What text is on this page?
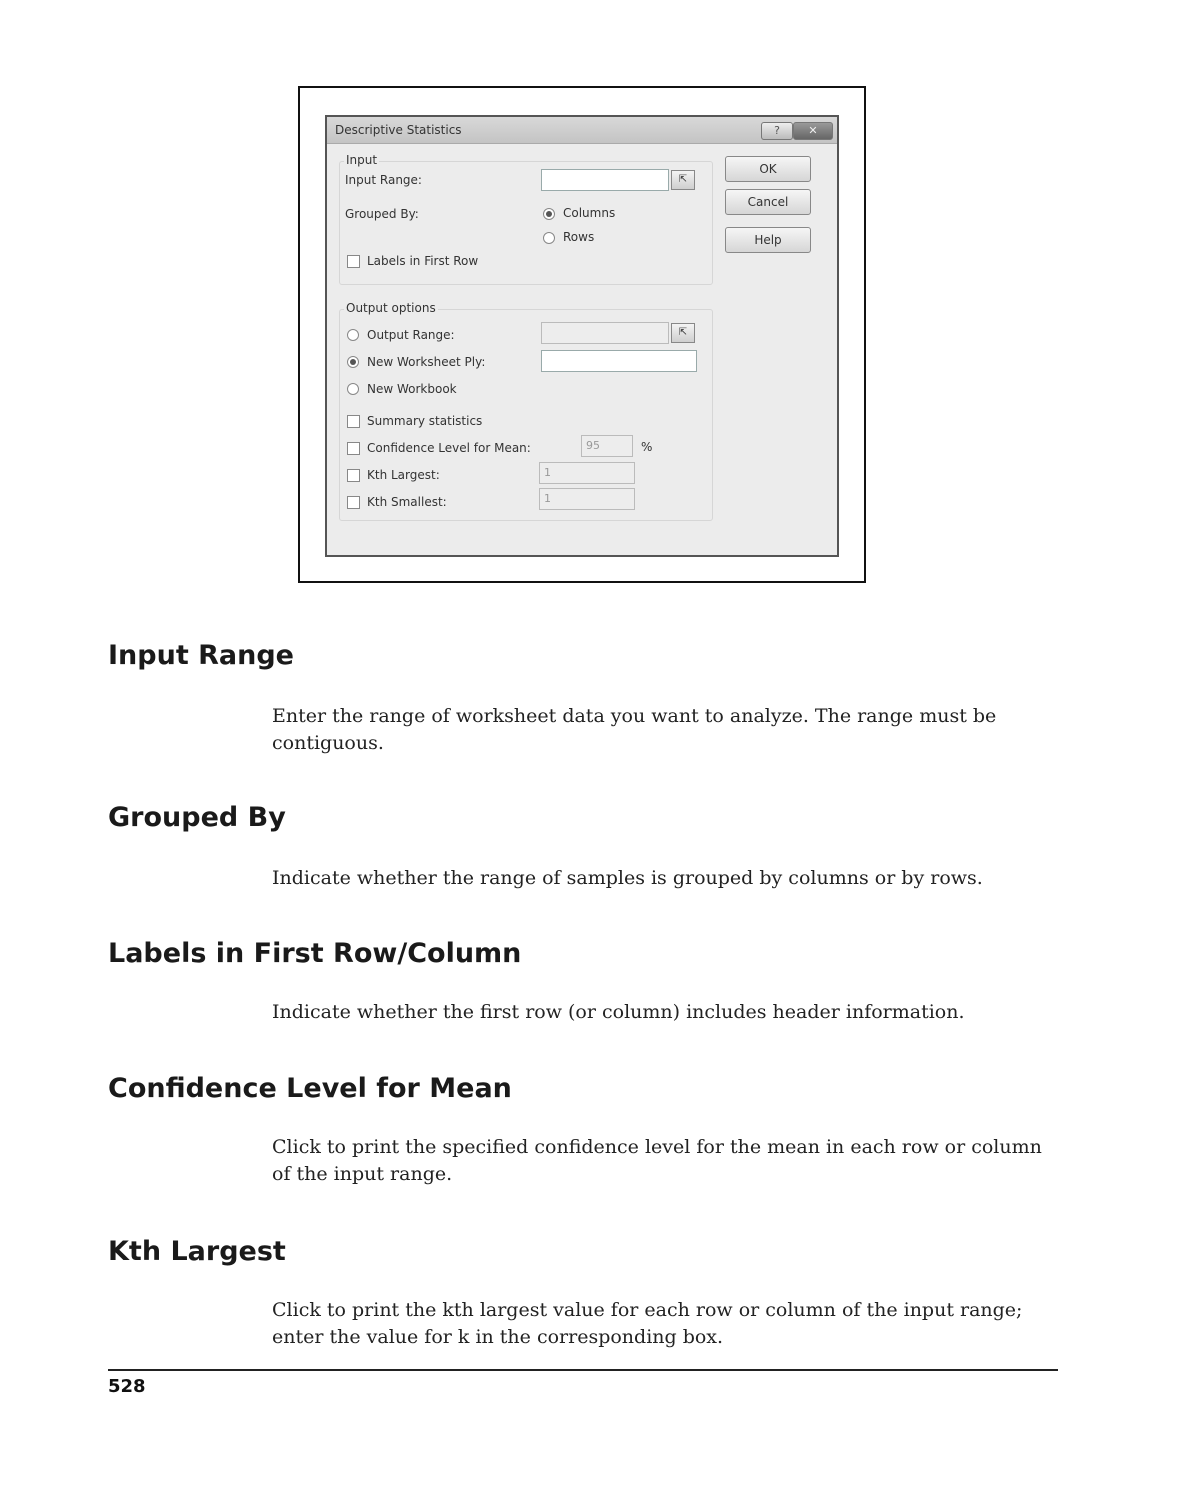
Descriptive Statistics	?	✕
Input
Input Range:	⇱
Grouped By:	Columns
Rows
Labels in First Row
Output options
Output Range:	⇱
New Worksheet Ply:
New Workbook
Summary statistics
Confidence Level for Mean:	95	%
Kth Largest:	1
Kth Smallest:	1
OK
Cancel
Help
Input Range

Enter the range of worksheet data you want to analyze. The range must be contiguous.

Grouped By

Indicate whether the range of samples is grouped by columns or by rows.

Labels in First Row/Column

Indicate whether the first row (or column) includes header information.

Confidence Level for Mean

Click to print the specified confidence level for the mean in each row or column of the input range.

Kth Largest

Click to print the kth largest value for each row or column of the input range; enter the value for k in the corresponding box.

528
